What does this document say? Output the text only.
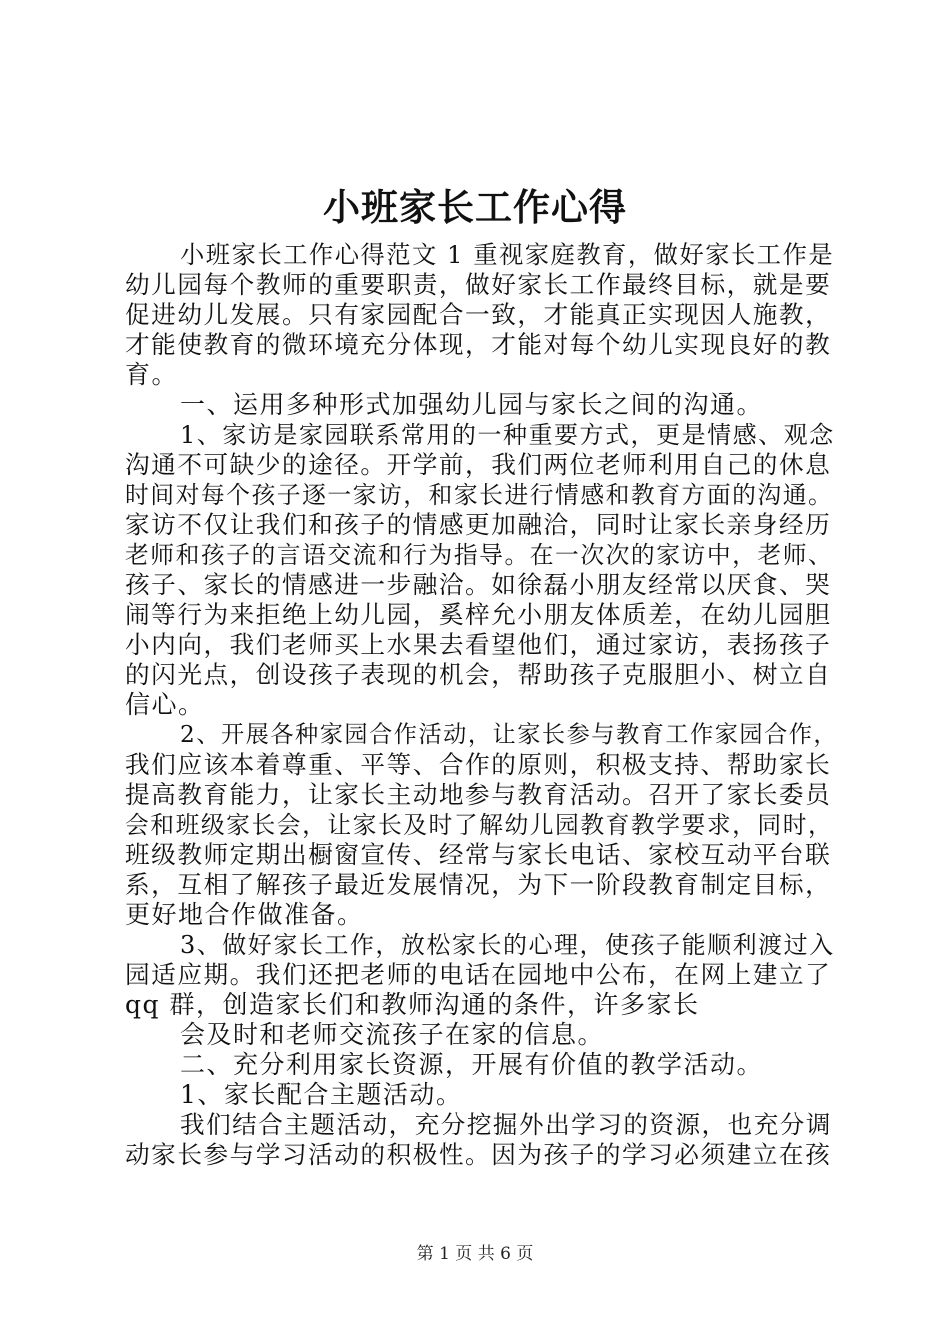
小班家长工作心得
小班家长工作心得范文 1 重视家庭教育，做好家长工作是
幼儿园每个教师的重要职责，做好家长工作最终目标，就是要
促进幼儿发展。只有家园配合一致，才能真正实现因人施教，
才能使教育的微环境充分体现，才能对每个幼儿实现良好的教
育。
一、运用多种形式加强幼儿园与家长之间的沟通。
1、家访是家园联系常用的一种重要方式，更是情感、观念
沟通不可缺少的途径。开学前，我们两位老师利用自己的休息
时间对每个孩子逐一家访，和家长进行情感和教育方面的沟通。
家访不仅让我们和孩子的情感更加融洽，同时让家长亲身经历
老师和孩子的言语交流和行为指导。在一次次的家访中，老师、
孩子、家长的情感进一步融洽。如徐磊小朋友经常以厌食、哭
闹等行为来拒绝上幼儿园，奚梓允小朋友体质差，在幼儿园胆
小内向，我们老师买上水果去看望他们，通过家访，表扬孩子
的闪光点，创设孩子表现的机会，帮助孩子克服胆小、树立自
信心。
2、开展各种家园合作活动，让家长参与教育工作家园合作，
我们应该本着尊重、平等、合作的原则，积极支持、帮助家长
提高教育能力，让家长主动地参与教育活动。召开了家长委员
会和班级家长会，让家长及时了解幼儿园教育教学要求，同时，
班级教师定期出橱窗宣传、经常与家长电话、家校互动平台联
系，互相了解孩子最近发展情况，为下一阶段教育制定目标，
更好地合作做准备。
3、做好家长工作，放松家长的心理，使孩子能顺利渡过入
园适应期。我们还把老师的电话在园地中公布，在网上建立了
qq 群，创造家长们和教师沟通的条件，许多家长
会及时和老师交流孩子在家的信息。
二、充分利用家长资源，开展有价值的教学活动。
1、家长配合主题活动。
我们结合主题活动，充分挖掘外出学习的资源，也充分调
动家长参与学习活动的积极性。因为孩子的学习必须建立在孩
第 1 页 共 6 页
